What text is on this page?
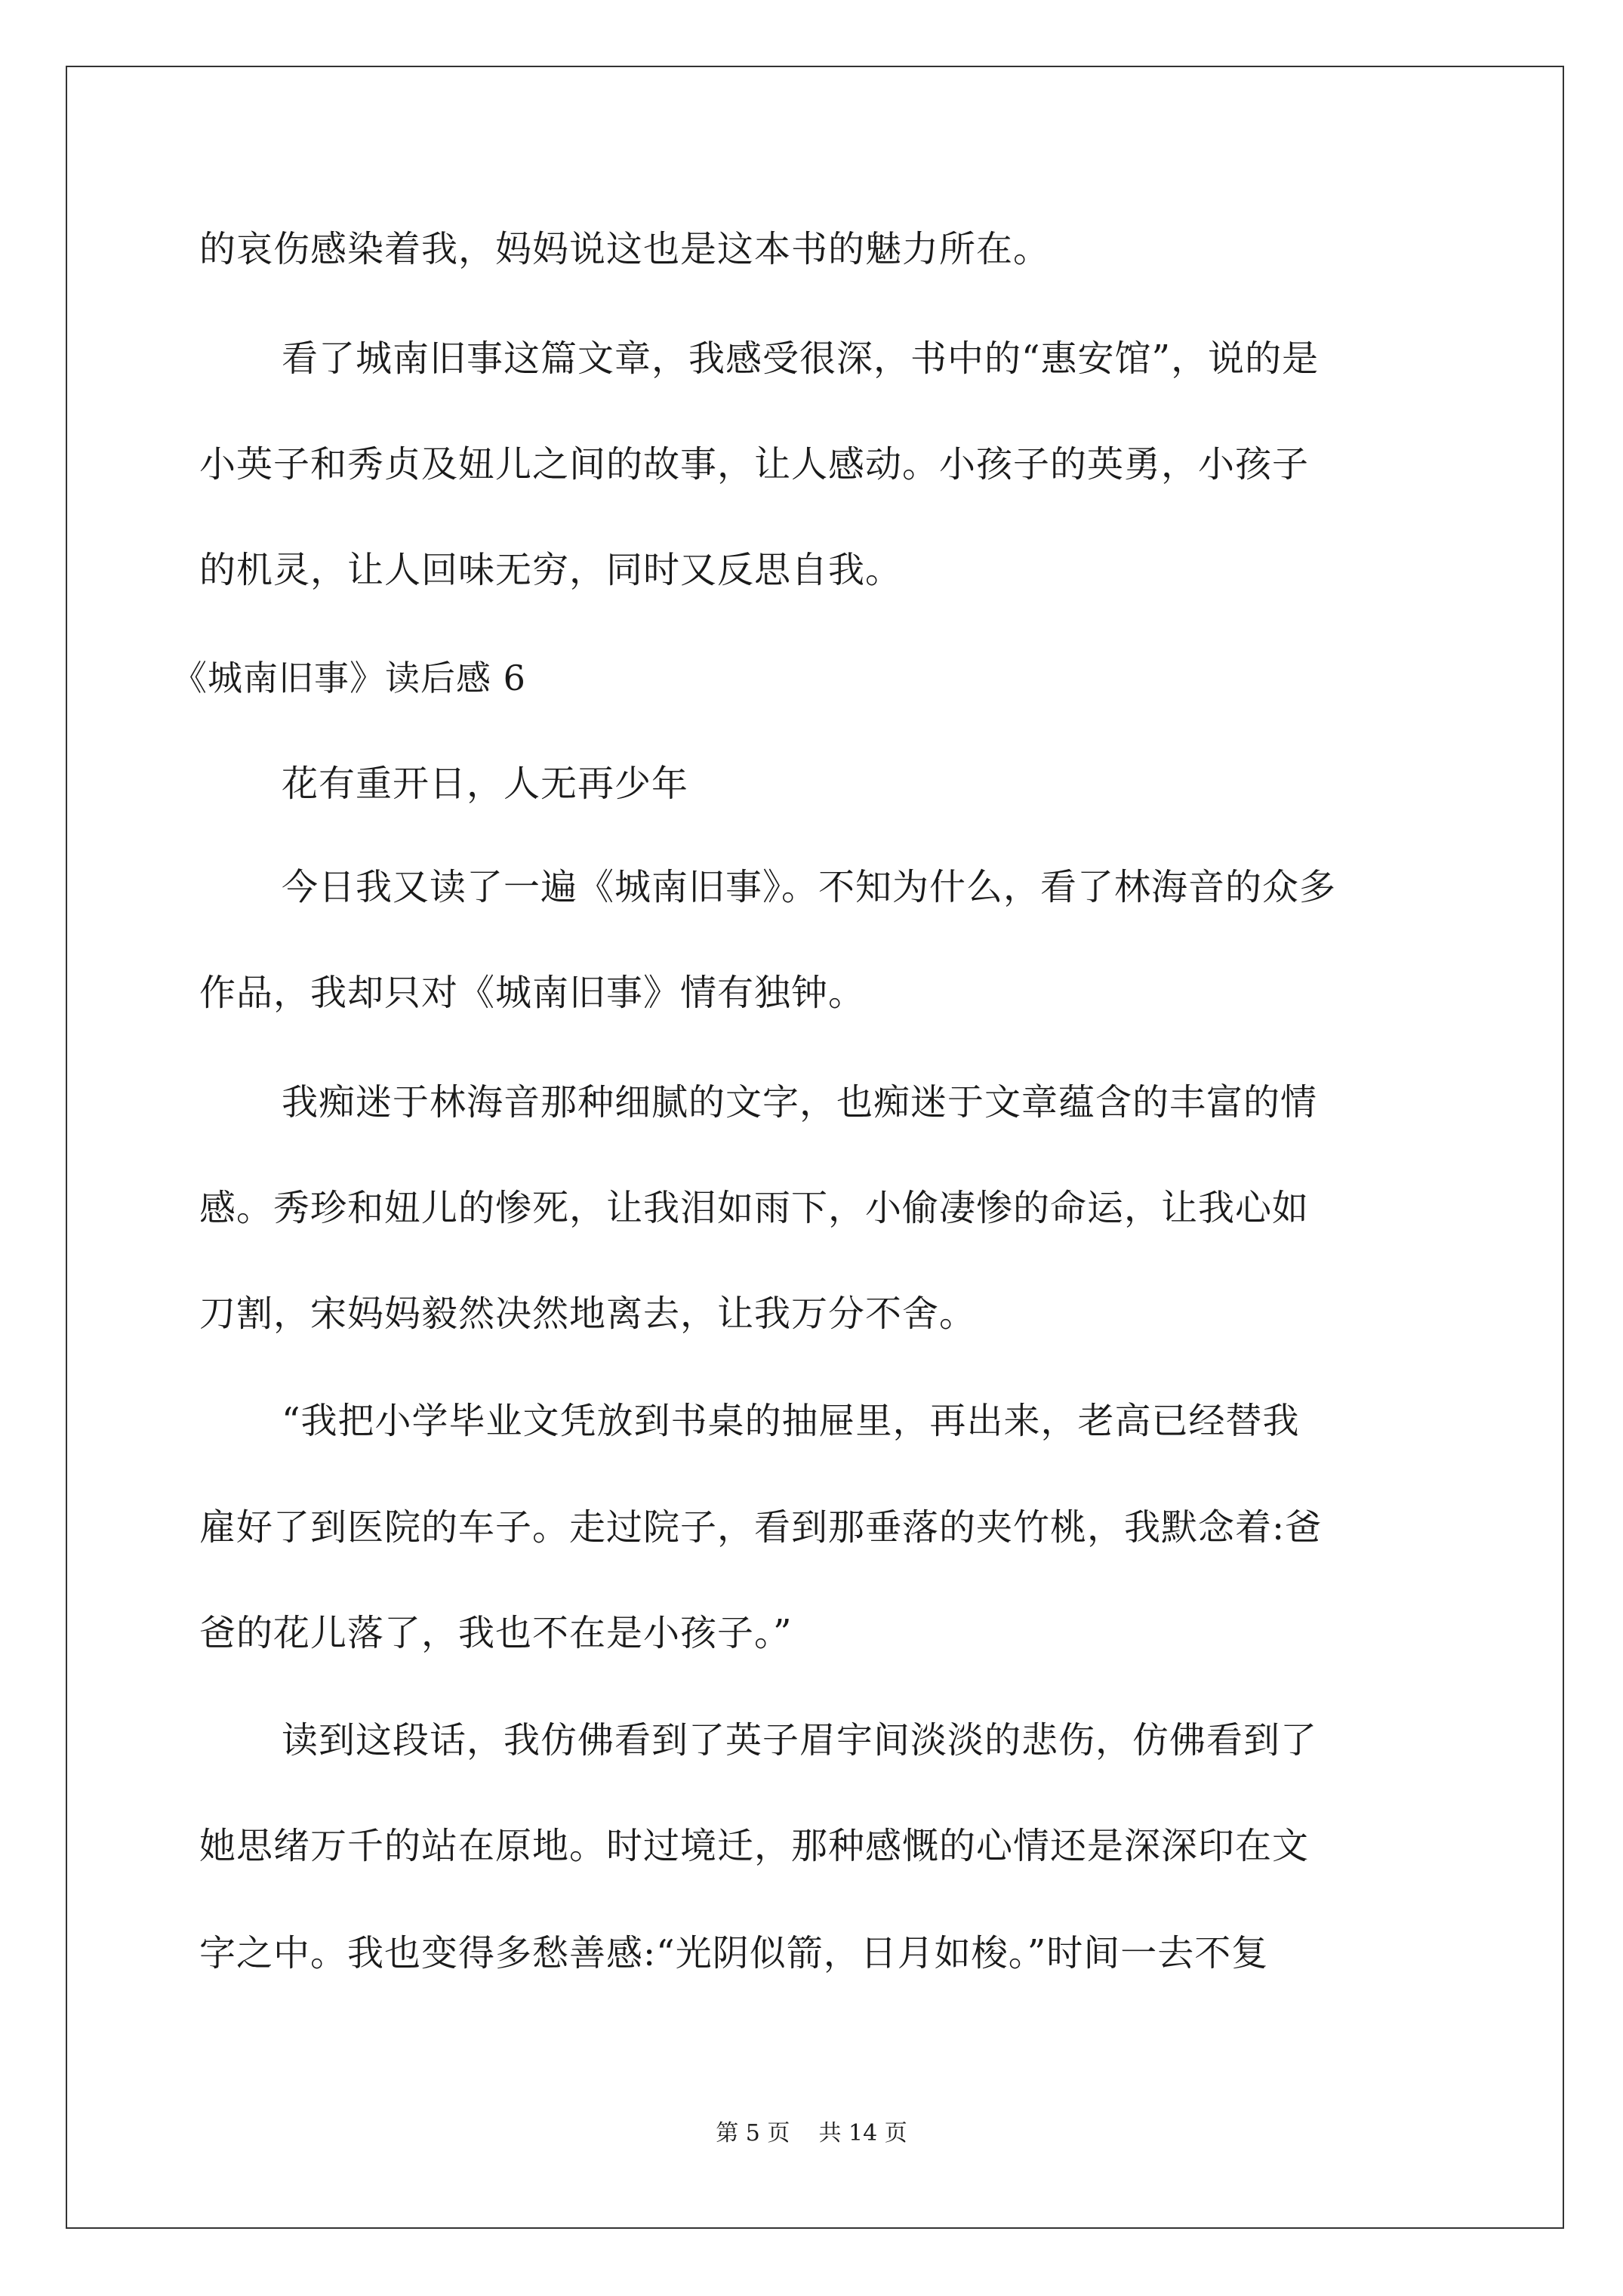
的哀伤感染着我，妈妈说这也是这本书的魅力所在。
看了城南旧事这篇文章，我感受很深，书中的“惠安馆”，说的是
小英子和秀贞及妞儿之间的故事，让人感动。小孩子的英勇，小孩子
的机灵，让人回味无穷，同时又反思自我。
《城南旧事》读后感 6
花有重开日，人无再少年
今日我又读了一遍《城南旧事》。不知为什么，看了林海音的众多
作品，我却只对《城南旧事》情有独钟。
我痴迷于林海音那种细腻的文字，也痴迷于文章蕴含的丰富的情
感。秀珍和妞儿的惨死，让我泪如雨下，小偷凄惨的命运，让我心如
刀割，宋妈妈毅然决然地离去，让我万分不舍。
“我把小学毕业文凭放到书桌的抽屉里，再出来，老高已经替我
雇好了到医院的车子。走过院子，看到那垂落的夹竹桃，我默念着:爸
爸的花儿落了，我也不在是小孩子。”
读到这段话，我仿佛看到了英子眉宇间淡淡的悲伤，仿佛看到了
她思绪万千的站在原地。时过境迁，那种感慨的心情还是深深印在文
字之中。我也变得多愁善感:“光阴似箭，日月如梭。”时间一去不复
第 5 页    共 14 页
